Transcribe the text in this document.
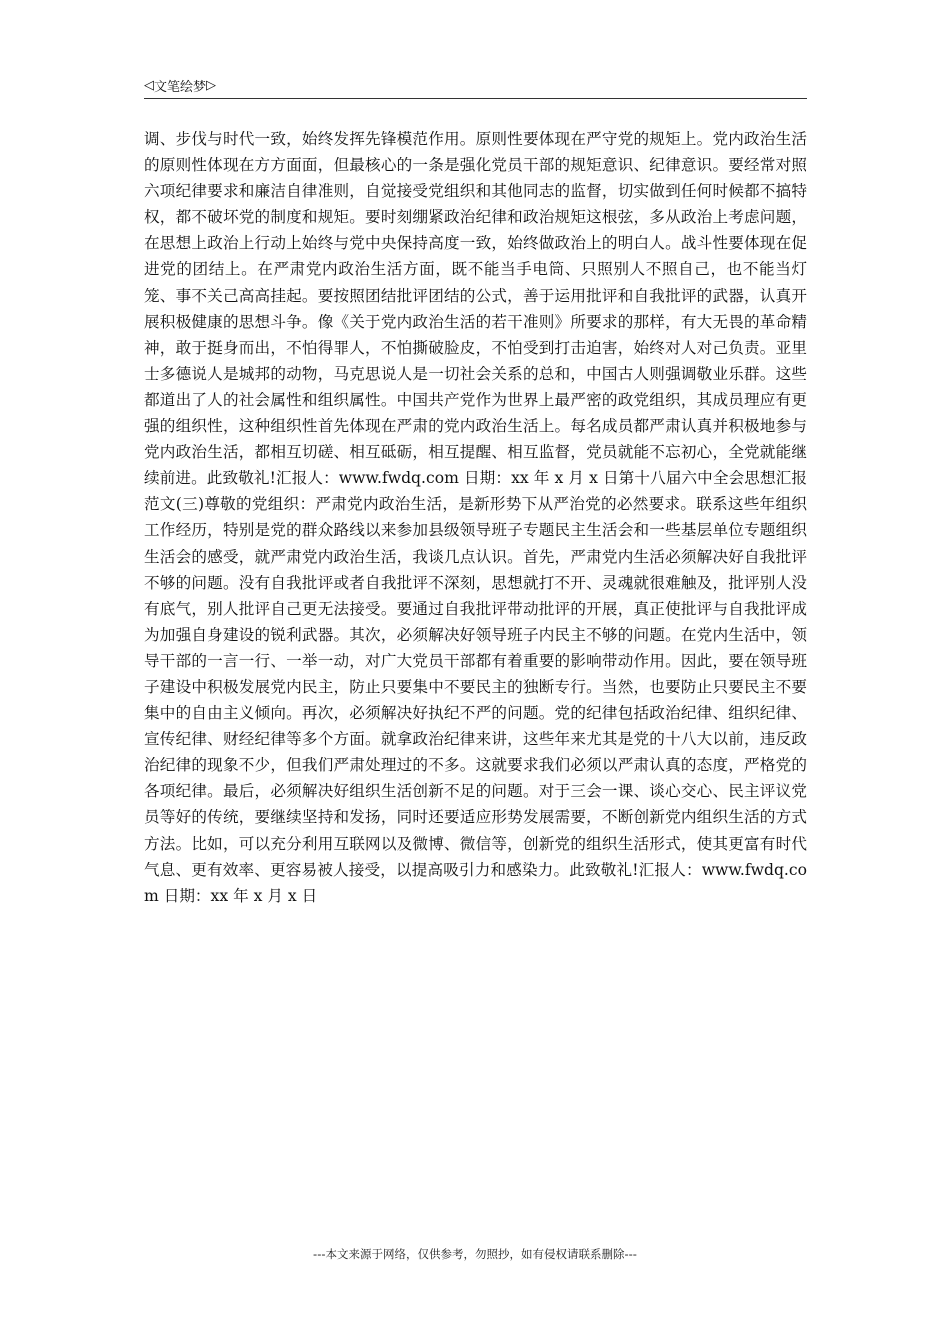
◁ 文笔绘梦 ▷

调、步伐与时代一致，始终发挥先锋模范作用。原则性要体现在严守党的规矩上。党内政治生活的原则性体现在方方面面，但最核心的一条是强化党员干部的规矩意识、纪律意识。要经常对照六项纪律要求和廉洁自律准则，自觉接受党组织和其他同志的监督，切实做到任何时候都不搞特权，都不破坏党的制度和规矩。要时刻绷紧政治纪律和政治规矩这根弦，多从政治上考虑问题，在思想上政治上行动上始终与党中央保持高度一致，始终做政治上的明白人。战斗性要体现在促进党的团结上。在严肃党内政治生活方面，既不能当手电筒、只照别人不照自己，也不能当灯笼、事不关己高高挂起。要按照团结批评团结的公式，善于运用批评和自我批评的武器，认真开展积极健康的思想斗争。像《关于党内政治生活的若干准则》所要求的那样，有大无畏的革命精神，敢于挺身而出，不怕得罪人，不怕撕破脸皮，不怕受到打击迫害，始终对人对己负责。亚里士多德说人是城邦的动物，马克思说人是一切社会关系的总和，中国古人则强调敬业乐群。这些都道出了人的社会属性和组织属性。中国共产党作为世界上最严密的政党组织，其成员理应有更强的组织性，这种组织性首先体现在严肃的党内政治生活上。每名成员都严肃认真并积极地参与党内政治生活，都相互切磋、相互砥砺，相互提醒、相互监督，党员就能不忘初心，全党就能继续前进。此致敬礼!汇报人：www.fwdq.com 日期：xx 年 x 月 x 日第十八届六中全会思想汇报范文(三)尊敬的党组织：严肃党内政治生活，是新形势下从严治党的必然要求。联系这些年组织工作经历，特别是党的群众路线以来参加县级领导班子专题民主生活会和一些基层单位专题组织生活会的感受，就严肃党内政治生活，我谈几点认识。首先，严肃党内生活必须解决好自我批评不够的问题。没有自我批评或者自我批评不深刻，思想就打不开、灵魂就很难触及，批评别人没有底气，别人批评自己更无法接受。要通过自我批评带动批评的开展，真正使批评与自我批评成为加强自身建设的锐利武器。其次，必须解决好领导班子内民主不够的问题。在党内生活中，领导干部的一言一行、一举一动，对广大党员干部都有着重要的影响带动作用。因此，要在领导班子建设中积极发展党内民主，防止只要集中不要民主的独断专行。当然，也要防止只要民主不要集中的自由主义倾向。再次，必须解决好执纪不严的问题。党的纪律包括政治纪律、组织纪律、宣传纪律、财经纪律等多个方面。就拿政治纪律来讲，这些年来尤其是党的十八大以前，违反政治纪律的现象不少，但我们严肃处理过的不多。这就要求我们必须以严肃认真的态度，严格党的各项纪律。最后，必须解决好组织生活创新不足的问题。对于三会一课、谈心交心、民主评议党员等好的传统，要继续坚持和发扬，同时还要适应形势发展需要，不断创新党内组织生活的方式方法。比如，可以充分利用互联网以及微博、微信等，创新党的组织生活形式，使其更富有时代气息、更有效率、更容易被人接受，以提高吸引力和感染力。此致敬礼!汇报人：www.fwdq.com 日期：xx 年 x 月 x 日

---本文来源于网络，仅供参考，勿照抄，如有侵权请联系删除---
